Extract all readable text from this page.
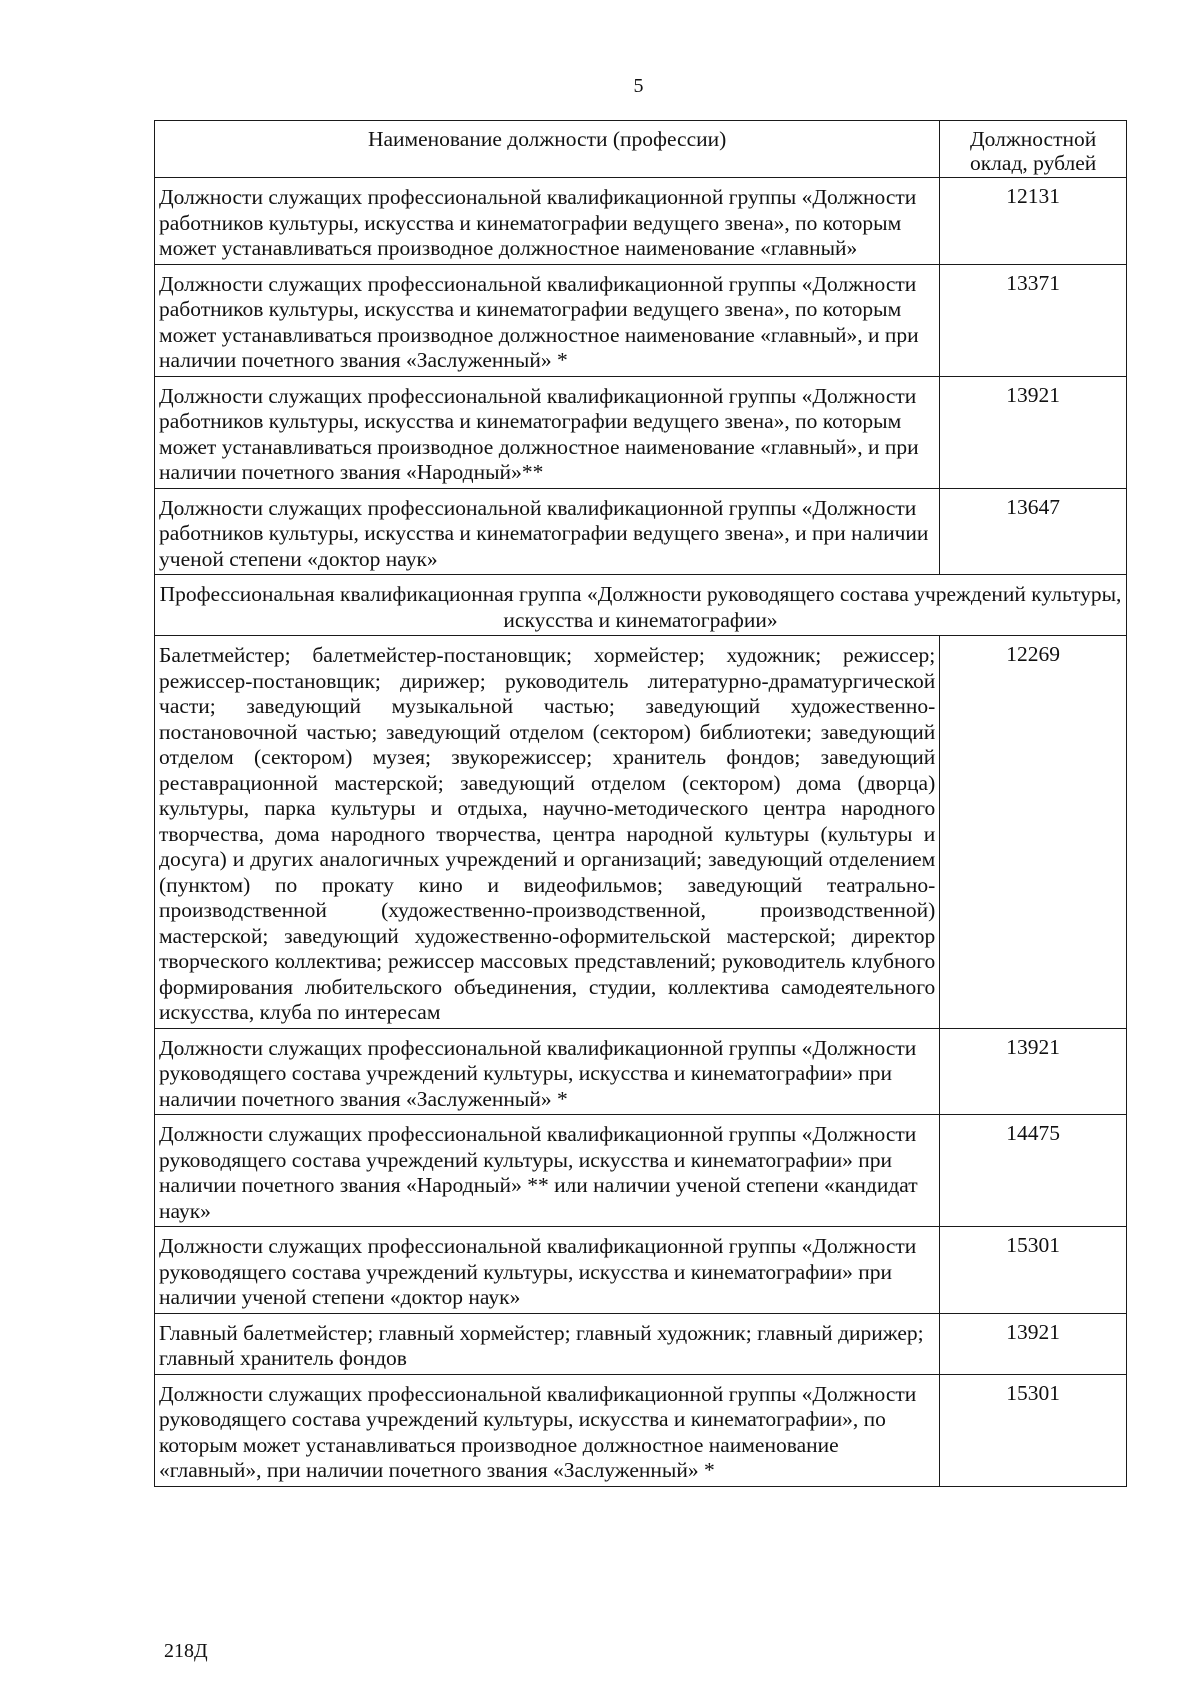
5
Наименование должности (профессии)	Должностной оклад, рублей
Должности служащих профессиональной квалификационной группы «Должности работников культуры, искусства и кинематографии ведущего звена», по которым может устанавливаться производное должностное наименование «главный»	12131
Должности служащих профессиональной квалификационной группы «Должности работников культуры, искусства и кинематографии ведущего звена», по которым может устанавливаться производное должностное наименование «главный», и при наличии почетного звания «Заслуженный» *	13371
Должности служащих профессиональной квалификационной группы «Должности работников культуры, искусства и кинематографии ведущего звена», по которым может устанавливаться производное должностное наименование «главный», и при наличии почетного звания «Народный»**	13921
Должности служащих профессиональной квалификационной группы «Должности работников культуры, искусства и кинематографии ведущего звена», и при наличии ученой степени «доктор наук»	13647
Профессиональная квалификационная группа «Должности руководящего состава учреждений культуры, искусства и кинематографии»	
Балетмейстер; балетмейстер-постановщик; хормейстер; художник; режиссер; режиссер-постановщик; дирижер; руководитель литературно-драматургической части; заведующий музыкальной частью; заведующий художественно-постановочной частью; заведующий отделом (сектором) библиотеки; заведующий отделом (сектором) музея; звукорежиссер; хранитель фондов; заведующий реставрационной мастерской; заведующий отделом (сектором) дома (дворца) культуры, парка культуры и отдыха, научно-методического центра народного творчества, дома народного творчества, центра народной культуры (культуры и досуга) и других аналогичных учреждений и организаций; заведующий отделением (пунктом) по прокату кино и видеофильмов; заведующий театрально-производственной (художественно-производственной, производственной) мастерской; заведующий художественно-оформительской мастерской; директор творческого коллектива; режиссер массовых представлений; руководитель клубного формирования любительского объединения, студии, коллектива самодеятельного искусства, клуба по интересам	12269
Должности служащих профессиональной квалификационной группы «Должности руководящего состава учреждений культуры, искусства и кинематографии» при наличии почетного звания «Заслуженный» *	13921
Должности служащих профессиональной квалификационной группы «Должности руководящего состава учреждений культуры, искусства и кинематографии» при наличии почетного звания «Народный» ** или наличии ученой степени «кандидат наук»	14475
Должности служащих профессиональной квалификационной группы «Должности руководящего состава учреждений культуры, искусства и кинематографии» при наличии ученой степени «доктор наук»	15301
Главный балетмейстер; главный хормейстер; главный художник; главный дирижер; главный хранитель фондов	13921
Должности служащих профессиональной квалификационной группы «Должности руководящего состава учреждений культуры, искусства и кинематографии», по которым может устанавливаться производное должностное наименование «главный», при наличии почетного звания «Заслуженный» *	15301
218Д
